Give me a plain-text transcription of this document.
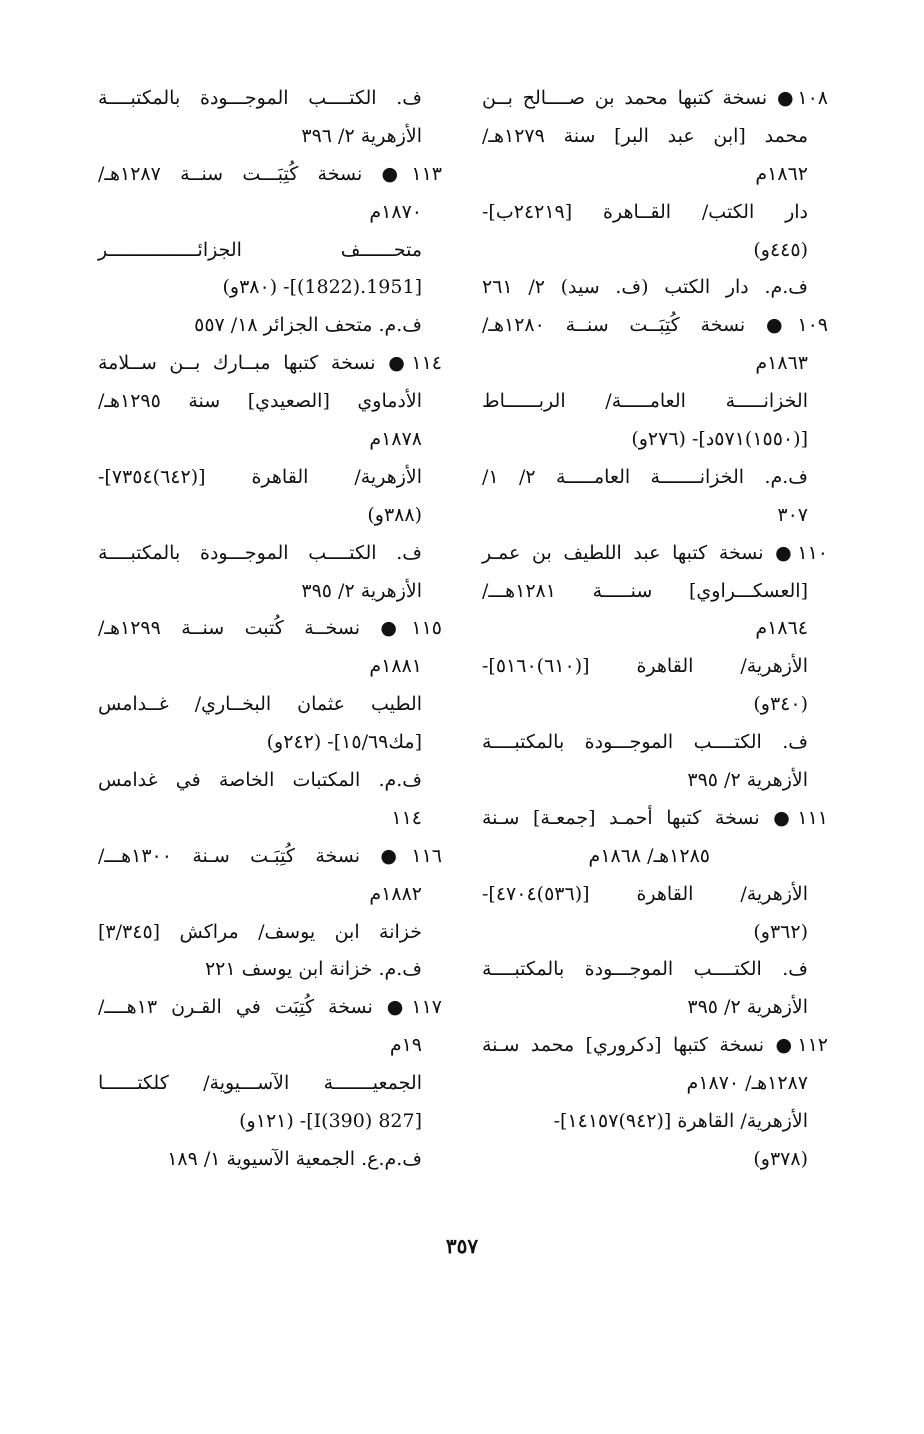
١٠٨● نسخة كتبها محمد بن صــــالح بــن
محمد [ابن عبد البر] سنة ١٢٧٩هـ/
١٨٦٢م
دار الكتب/ القــاهرة [٢٤٢١٩ب]-
(٤٤٥و)
ف.م. دار الكتب (ف. سيد) ٢/ ٢٦١
١٠٩● نسخة كُتِبَــت سنــة ١٢٨٠هـ/
١٨٦٣م
الخزانـــــة العامـــــة/ الربــــــاط
[(١٥٥٠)٥٧١د]- (٢٧٦و)
ف.م. الخزانـــــــة العامـــــة ٢/ ١/
٣٠٧
١١٠● نسخة كتبها عبد اللطيف بن عمـر
[العسكـــراوي] سنـــــة ١٢٨١هـــ/
١٨٦٤م
الأزهرية/ القاهرة [(٦١٠)٥١٦٠]-
(٣٤٠و)
ف. الكتــــب الموجـــودة بالمكتبــــة
الأزهرية ٢/ ٣٩٥
١١١● نسخة كتبها أحمـد [جمعـة] سـنة
١٢٨٥هـ/ ١٨٦٨م
الأزهرية/ القاهرة [(٥٣٦)٤٧٠٤]-
(٣٦٢و)
ف. الكتــــب الموجـــودة بالمكتبــــة
الأزهرية ٢/ ٣٩٥
١١٢● نسخة كتبها [دكروري] محمد سـنة
١٢٨٧هـ/ ١٨٧٠م
الأزهرية/ القاهرة [(٩٤٢)١٤١٥٧]-
(٣٧٨و)
ف. الكتــــب الموجـــودة بالمكتبــــة
الأزهرية ٢/ ٣٩٦
١١٣● نسخة كُتِبَـــت سنــة ١٢٨٧هـ/
١٨٧٠م
متحــــــف الجزائــــــــــــــــر
[1951.(1822)]- (٣٨٠و)
ف.م. متحف الجزائر ١٨/ ٥٥٧
١١٤● نسخة كتبها مبــارك بــن ســلامة
الأدماوي [الصعيدي] سنة ١٢٩٥هـ/
١٨٧٨م
الأزهرية/ القاهرة [(٦٤٢)٧٣٥٤]-
(٣٨٨و)
ف. الكتــــب الموجـــودة بالمكتبــــة
الأزهرية ٢/ ٣٩٥
١١٥● نسخــة كُتبت سنــة ١٢٩٩هـ/
١٨٨١م
الطيب عثمان البخــاري/ غــدامس
[مك١٥/٦٩]- (٢٤٢و)
ف.م. المكتبات الخاصة في غدامس
١١٤
١١٦● نسخة كُتِبَـت سـنة ١٣٠٠هـــ/
١٨٨٢م
خزانة ابن يوسف/ مراكش [٣/٣٤٥]
ف.م. خزانة ابن يوسف ٢٢١
١١٧● نسخة كُتِبَت في القـرن ١٣هــــ/
١٩م
الجمعيـــــــة الآســـيوية/ كلكتــــــا
[827 I(390)]- (١٢١و)
ف.م.ع. الجمعية الآسيوية ١/ ١٨٩
٣٥٧
